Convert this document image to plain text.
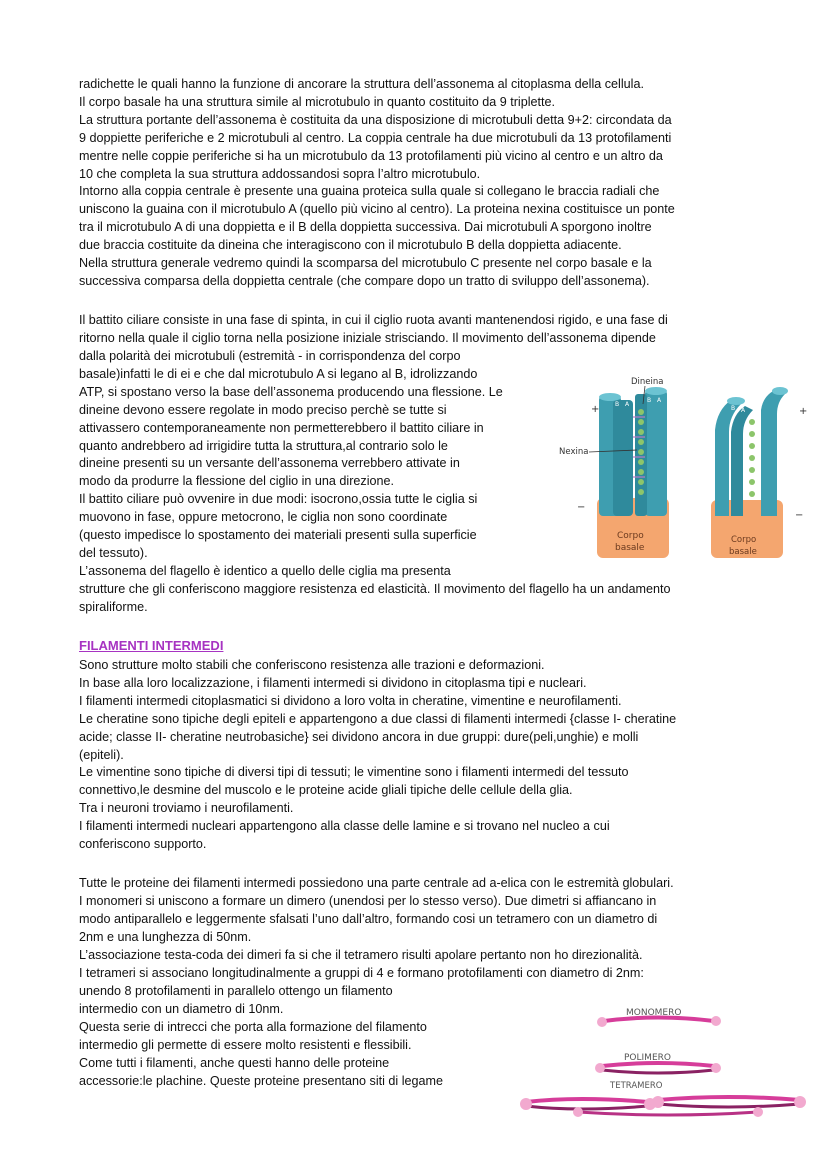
radichette le quali hanno la funzione di ancorare la struttura dell’assonema al citoplasma della cellula.

Il corpo basale ha una struttura simile al microtubulo in quanto costituito da 9 triplette.

La struttura portante dell’assonema è costituita da una disposizione di microtubuli detta 9+2: circondata da

9 doppiette periferiche e 2 microtubuli al centro. La coppia centrale ha due microtubuli da 13 protofilamenti

mentre nelle coppie periferiche si ha un microtubulo da 13 protofilamenti più vicino al centro e un altro da

10 che completa la sua struttura addossandosi sopra l’altro microtubulo.

Intorno alla coppia centrale è presente una guaina proteica sulla quale si collegano le braccia radiali che

uniscono la guaina con il microtubulo A (quello più vicino al centro). La proteina nexina costituisce un ponte

tra il microtubulo A di una doppietta e il B della doppietta successiva. Dai microtubuli A sporgono inoltre

due braccia costituite da dineina che interagiscono con il microtubulo B della doppietta adiacente.

Nella struttura generale vedremo quindi la scomparsa del microtubulo C presente nel corpo basale e la

successiva comparsa della doppietta centrale (che compare dopo un tratto di sviluppo dell’assonema).

Il battito ciliare consiste in una fase di spinta, in cui il ciglio ruota avanti mantenendosi rigido, e una fase di

ritorno nella quale il ciglio torna nella posizione iniziale strisciando. Il movimento dell’assonema dipende

dalla polarità dei microtubuli (estremità - in corrispondenza del corpo

basale)infatti le di ei e che dal microtubulo A si legano al B, idrolizzando

ATP, si spostano verso la base dell’assonema producendo una flessione. Le

dineine devono essere regolate in modo preciso perchè se tutte si

attivassero contemporaneamente non permetterebbero il battito ciliare in

quanto andrebbero ad irrigidire tutta la struttura,al contrario solo le

dineine presenti su un versante dell’assonema verrebbero attivate in

modo da produrre la flessione del ciglio in una direzione.

Il battito ciliare può ovvenire in due modi: isocrono,ossia tutte le ciglia si

muovono in fase, oppure metocrono, le ciglia non sono coordinate

(questo impedisce lo spostamento dei materiali presenti sulla superficie

del tessuto).

L’assonema del flagello è identico a quello delle ciglia ma presenta

strutture che gli conferiscono maggiore resistenza ed elasticità. Il movimento del flagello ha un andamento

spiraliforme.

FILAMENTI INTERMEDI

Sono strutture molto stabili che conferiscono resistenza alle trazioni e deformazioni.

In base alla loro localizzazione, i filamenti intermedi si dividono in citoplasma tipi e nucleari.

I filamenti intermedi citoplasmatici si dividono a loro volta in cheratine, vimentine e neurofilamenti.

Le cheratine sono tipiche degli epiteli e appartengono a due classi di filamenti intermedi {classe I- cheratine

acide; classe II- cheratine neutrobasiche} sei dividono ancora in due gruppi: dure(peli,unghie) e molli

(epiteli).

Le vimentine sono tipiche di diversi tipi di tessuti; le vimentine sono i filamenti intermedi del tessuto

connettivo,le desmine del muscolo e le proteine acide gliali tipiche delle cellule della glia.

Tra i neuroni troviamo i neurofilamenti.

I filamenti intermedi nucleari appartengono alla classe delle lamine e si trovano nel nucleo a cui

conferiscono supporto.

Tutte le proteine dei filamenti intermedi possiedono una parte centrale ad a-elica con le estremità globulari.

I monomeri si uniscono a formare un dimero (unendosi per lo stesso verso). Due dimetri si affiancano in

modo antiparallelo e leggermente sfalsati l’uno dall’altro, formando cosi un tetramero con un diametro di

2nm e una lunghezza di 50nm.

L’associazione testa-coda dei dimeri fa si che il tetramero risulti apolare pertanto non ho direzionalità.

I tetrameri si associano longitudinalmente a gruppi di 4 e formano protofilamenti con diametro di 2nm:

unendo 8 protofilamenti in parallelo ottengo un filamento

intermedio con un diametro di 10nm.

Questa serie di intrecci che porta alla formazione del filamento

intermedio gli permette di essere molto resistenti e flessibili.

Come tutti i filamenti, anche questi hanno delle proteine

accessorie:le plachine. Queste proteine presentano siti di legame

Dineina
Nexina
B A
B A
B A
+	+
−
−
Corpo
basale
Corpo
basale
MONOMERO
POLIMERO
TETRAMERO
